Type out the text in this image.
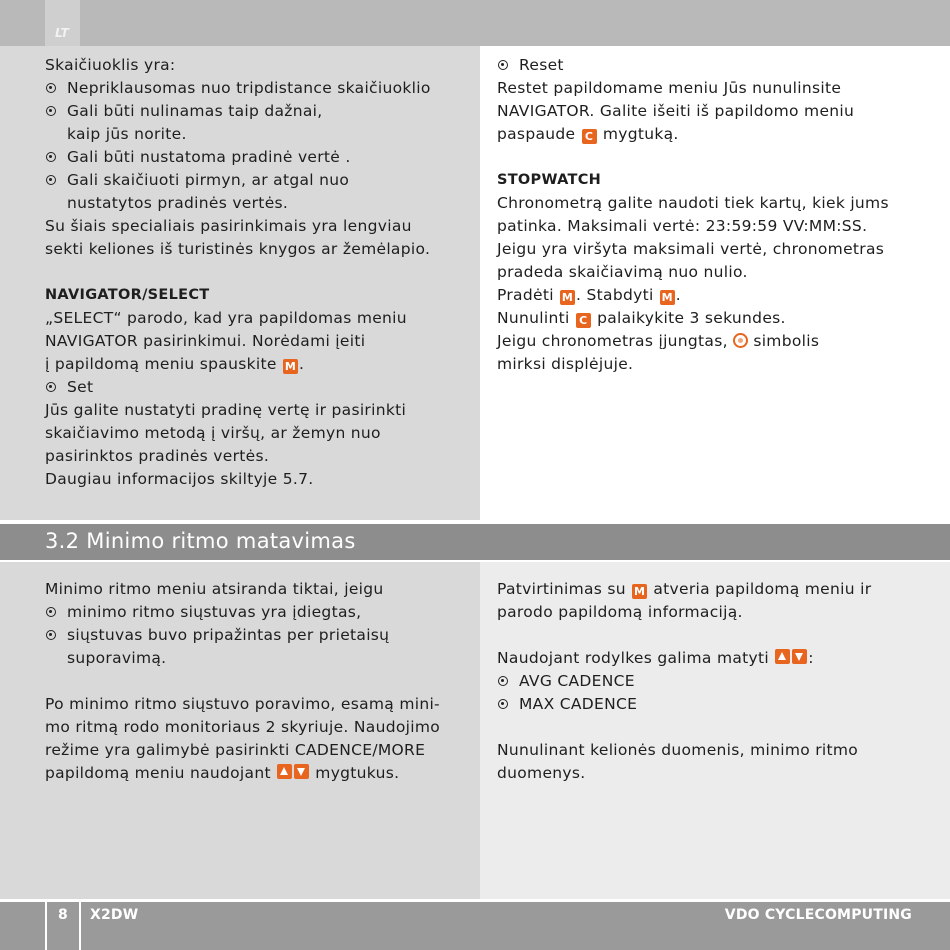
LT
3.2 Minimo ritmo matavimas

Skaičiuoklis yra:

Nepriklausomas nuo tripdistance skaičiuoklio

Gali būti nulinamas taip dažnai,

kaip jūs norite.

Gali būti nustatoma pradinė vertė .

Gali skaičiuoti pirmyn, ar atgal nuo

nustatytos pradinės vertės.

Su šiais specialiais pasirinkimais yra lengviau

sekti keliones iš turistinės knygos ar žemėlapio.

NAVIGATOR/SELECT

„SELECT“ parodo, kad yra papildomas meniu

NAVIGATOR pasirinkimui. Norėdami įeiti

į papildomą meniu spauskite M .

Set

Jūs galite nustatyti pradinę vertę ir pasirinkti

skaičiavimo metodą į viršų, ar žemyn nuo

pasirinktos pradinės vertės.

Daugiau informacijos skiltyje 5.7.

Reset

Restet papildomame meniu Jūs nunulinsite

NAVIGATOR. Galite išeiti iš papildomo meniu

paspaude C mygtuką.

STOPWATCH

Chronometrą galite naudoti tiek kartų, kiek jums

patinka. Maksimali vertė: 23:59:59 VV:MM:SS.

Jeigu yra viršyta maksimali vertė, chronometras

pradeda skaičiavimą nuo nulio.

Pradėti M . Stabdyti M .

Nunulinti C palaikykite 3 sekundes.

Jeigu chronometras įjungtas, simbolis

mirksi displėjuje.

Minimo ritmo meniu atsiranda tiktai, jeigu

minimo ritmo siųstuvas yra įdiegtas,

siųstuvas buvo pripažintas per prietaisų

suporavimą.

Po minimo ritmo siųstuvo poravimo, esamą mini-

mo ritmą rodo monitoriaus 2 skyriuje. Naudojimo

režime yra galimybė pasirinkti CADENCE/MORE

papildomą meniu naudojant	mygtukus.

Patvirtinimas su M atveria papildomą meniu ir

parodo papildomą informaciją.

Naudojant rodylkes galima matyti	:

AVG CADENCE

MAX CADENCE

Nunulinant kelionės duomenis, minimo ritmo

duomenys.

8 X2DW	VDO CYCLECOMPUTING
